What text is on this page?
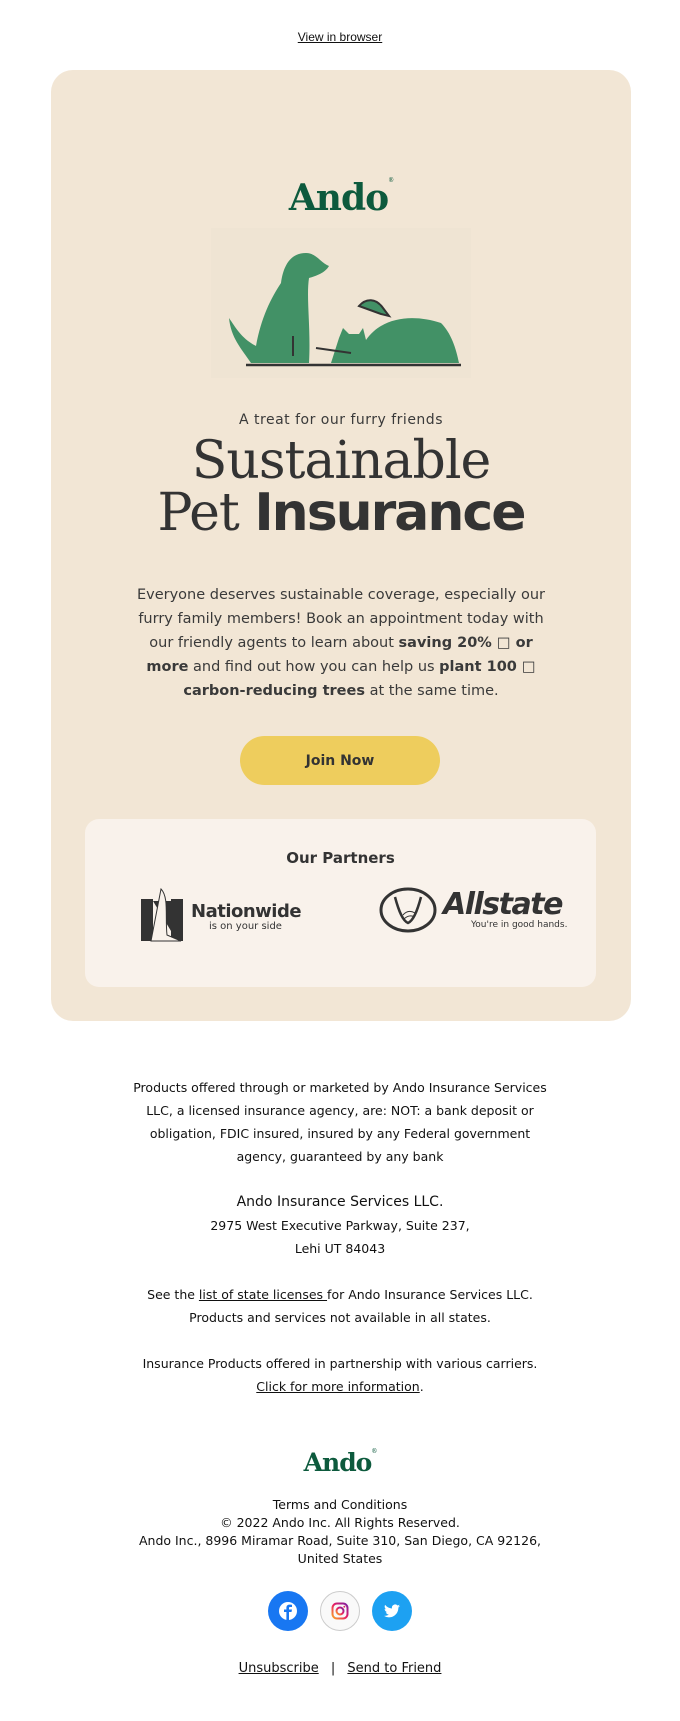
View in browser
Ando®
A treat for our furry friends
Sustainable
Pet Insurance
Everyone deserves sustainable coverage, especially our furry family members! Book an appointment today with our friendly agents to learn about saving 20% □ or more and find out how you can help us plant 100 □ carbon-reducing trees at the same time.
Join Now
Our Partners
Nationwide
is on your side
Allstate
You're in good hands.

Products offered through or marketed by Ando Insurance Services LLC, a licensed insurance agency, are: NOT: a bank deposit or obligation, FDIC insured, insured by any Federal government agency, guaranteed by any bank

Ando Insurance Services LLC.
2975 West Executive Parkway, Suite 237,

Lehi UT 84043

See the list of state licenses for Ando Insurance Services LLC. Products and services not available in all states.

Insurance Products offered in partnership with various carriers. Click for more information.

Ando®
Terms and Conditions
© 2022 Ando Inc. All Rights Reserved.
Ando Inc., 8996 Miramar Road, Suite 310, San Diego, CA 92126, United States
Unsubscribe | Send to Friend
